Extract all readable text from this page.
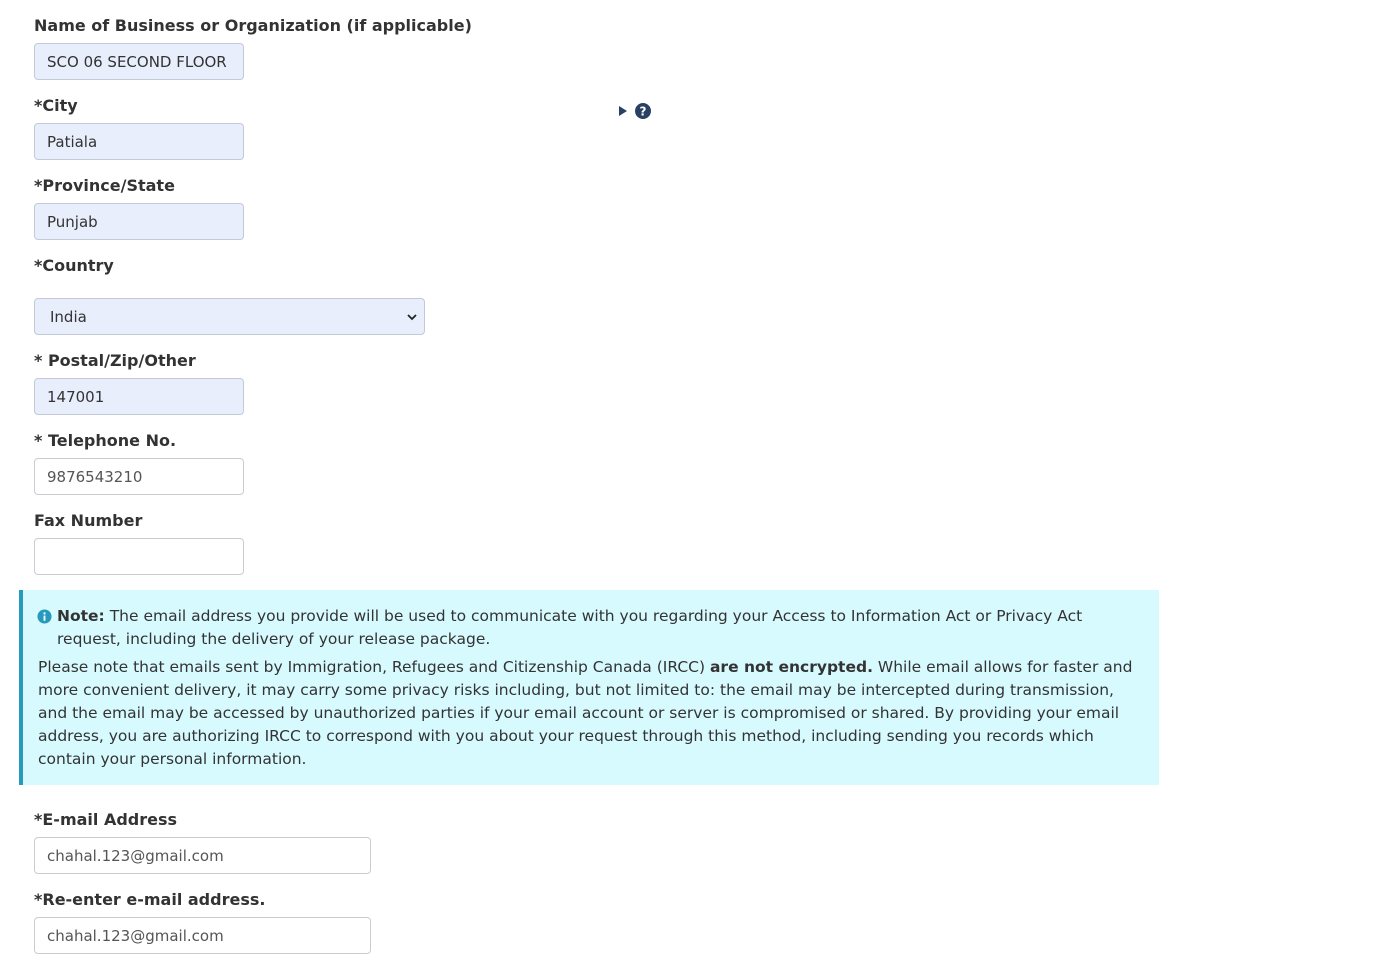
Name of Business or Organization (if applicable)
SCO 06 SECOND FLOOR
*City
Patiala	?
*Province/State
Punjab
*Country
India
* Postal/Zip/Other
147001
* Telephone No.
9876543210
Fax Number
Note: The email address you provide will be used to communicate with you regarding your Access to Information Act or Privacy Act request, including the delivery of your release package.
Please note that emails sent by Immigration, Refugees and Citizenship Canada (IRCC) are not encrypted. While email allows for faster and more convenient delivery, it may carry some privacy risks including, but not limited to: the email may be intercepted during transmission, and the email may be accessed by unauthorized parties if your email account or server is compromised or shared. By providing your email address, you are authorizing IRCC to correspond with you about your request through this method, including sending you records which contain your personal information.
*E-mail Address
chahal.123@gmail.com
*Re-enter e-mail address.
chahal.123@gmail.com
